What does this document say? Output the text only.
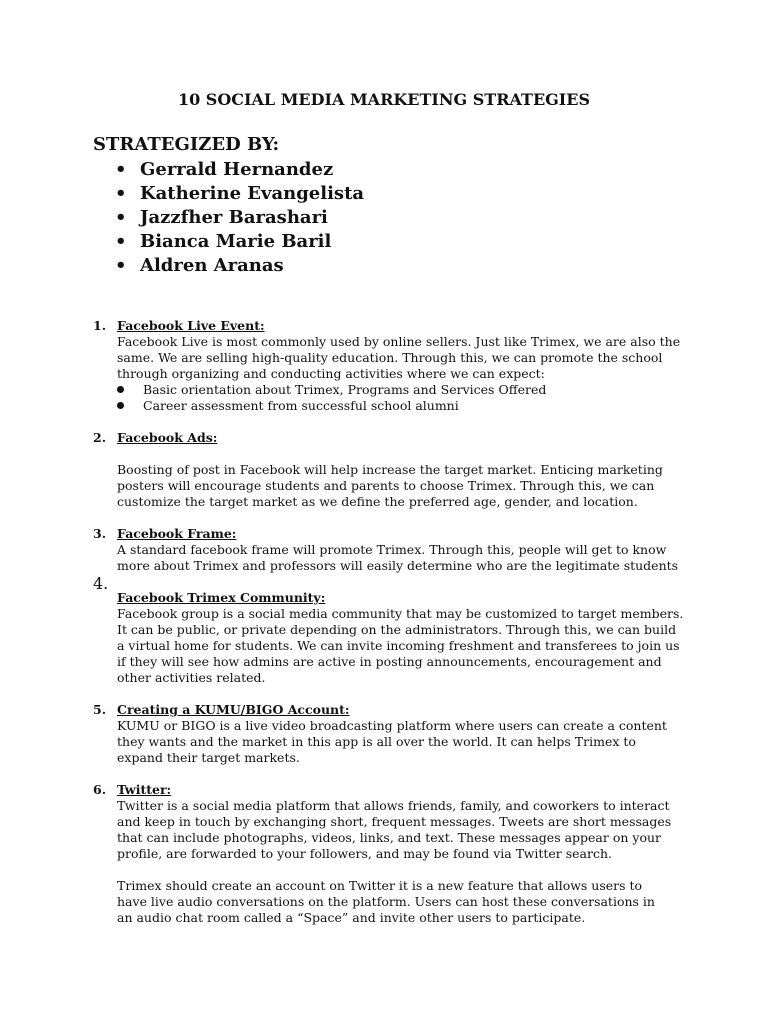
10 SOCIAL MEDIA MARKETING STRATEGIES

STRATEGIZED BY:

• Gerrald Hernandez
• Katherine Evangelista
• Jazzfher Barashari
• Bianca Marie Baril
• Aldren Aranas
1. Facebook Live Event:

Facebook Live is most commonly used by online sellers. Just like Trimex, we are also the

same. We are selling high-quality education. Through this, we can promote the school

through organizing and conducting activities where we can expect:

Basic orientation about Trimex, Programs and Services Offered
Career assessment from successful school alumni
2. Facebook Ads:

Boosting of post in Facebook will help increase the target market. Enticing marketing

posters will encourage students and parents to choose Trimex. Through this, we can

customize the target market as we define the preferred age, gender, and location.

3. Facebook Frame:

A standard facebook frame will promote Trimex. Through this, people will get to know

more about Trimex and professors will easily determine who are the legitimate students

4.

Facebook Trimex Community:

Facebook group is a social media community that may be customized to target members.

It can be public, or private depending on the administrators. Through this, we can build

a virtual home for students. We can invite incoming freshment and transferees to join us

if they will see how admins are active in posting announcements, encouragement and

other activities related.

5. Creating a KUMU/BIGO Account:

KUMU or BIGO is a live video broadcasting platform where users can create a content

they wants and the market in this app is all over the world. It can helps Trimex to

expand their target markets.

6. Twitter:

Twitter is a social media platform that allows friends, family, and coworkers to interact

and keep in touch by exchanging short, frequent messages. Tweets are short messages

that can include photographs, videos, links, and text. These messages appear on your

profile, are forwarded to your followers, and may be found via Twitter search.

Trimex should create an account on Twitter it is a new feature that allows users to

have live audio conversations on the platform. Users can host these conversations in

an audio chat room called a “Space” and invite other users to participate.
